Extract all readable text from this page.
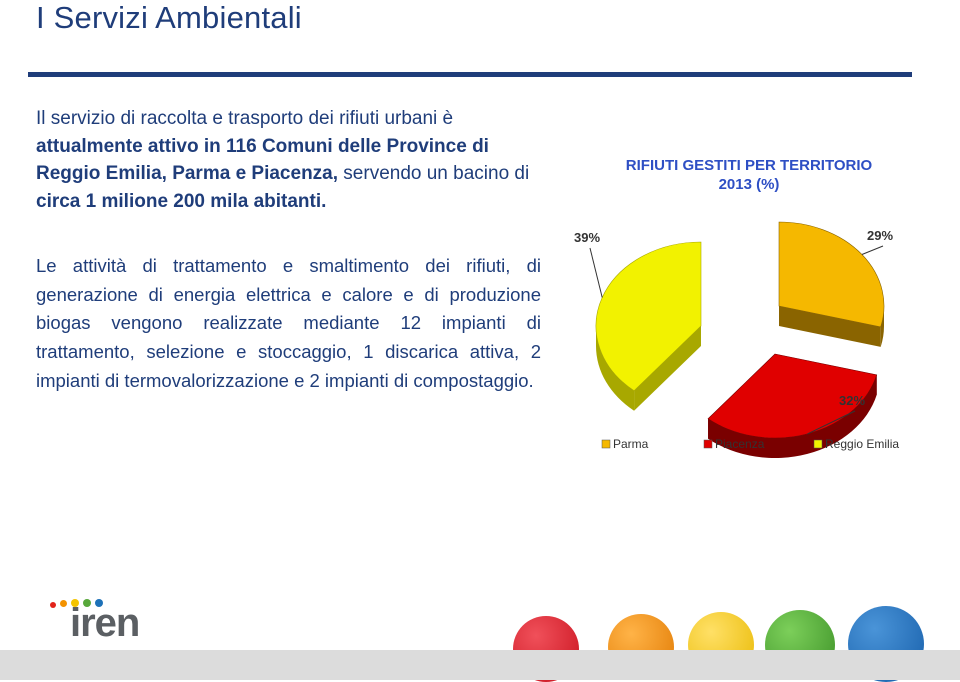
I Servizi Ambientali
Il servizio di raccolta e trasporto dei rifiuti urbani è attualmente attivo in 116 Comuni delle Province di Reggio Emilia, Parma e Piacenza, servendo un bacino di circa 1 milione 200 mila abitanti.
Le attività di trattamento e smaltimento dei rifiuti, di generazione di energia elettrica e calore e di produzione biogas vengono realizzate mediante 12 impianti di trattamento, selezione e stoccaggio, 1 discarica attiva, 2 impianti di termovalorizzazione e 2 impianti di compostaggio.
RIFIUTI GESTITI PER TERRITORIO
2013 (%)
29%
32%
39%
Parma	Piacenza	Reggio Emilia
iren
